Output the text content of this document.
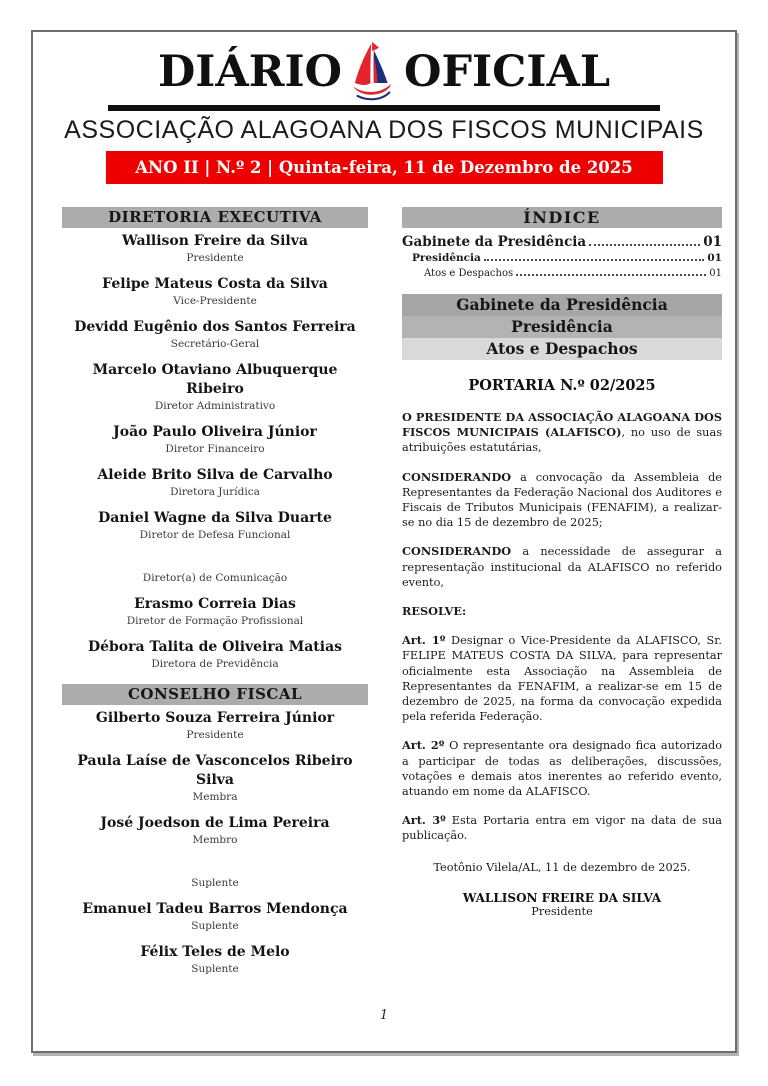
DIÁRIO OFICIAL
ASSOCIAÇÃO ALAGOANA DOS FISCOS MUNICIPAIS
ANO II | N.º 2 | Quinta-feira, 11 de Dezembro de 2025
DIRETORIA EXECUTIVA
Wallison Freire da Silva
Presidente
Felipe Mateus Costa da Silva
Vice-Presidente
Devidd Eugênio dos Santos Ferreira
Secretário-Geral
Marcelo Otaviano Albuquerque Ribeiro
Diretor Administrativo
João Paulo Oliveira Júnior
Diretor Financeiro
Aleide Brito Silva de Carvalho
Diretora Jurídica
Daniel Wagne da Silva Duarte
Diretor de Defesa Funcional
Diretor(a) de Comunicação
Erasmo Correia Dias
Diretor de Formação Profissional
Débora Talita de Oliveira Matias
Diretora de Previdência
CONSELHO FISCAL
Gilberto Souza Ferreira Júnior
Presidente
Paula Laíse de Vasconcelos Ribeiro Silva
Membra
José Joedson de Lima Pereira
Membro
Suplente
Emanuel Tadeu Barros Mendonça
Suplente
Félix Teles de Melo
Suplente
ÍNDICE
Gabinete da Presidência	01
Presidência	01
Atos e Despachos	01
Gabinete da Presidência
Presidência
Atos e Despachos
PORTARIA N.º 02/2025

O PRESIDENTE DA ASSOCIAÇÃO ALAGOANA DOS FISCOS MUNICIPAIS (ALAFISCO), no uso de suas atribuições estatutárias,

CONSIDERANDO a convocação da Assembleia de Representantes da Federação Nacional dos Auditores e Fiscais de Tributos Municipais (FENAFIM), a realizar-se no dia 15 de dezembro de 2025;

CONSIDERANDO a necessidade de assegurar a representação institucional da ALAFISCO no referido evento,

RESOLVE:

Art. 1º Designar o Vice-Presidente da ALAFISCO, Sr. FELIPE MATEUS COSTA DA SILVA, para representar oficialmente esta Associação na Assembleia de Representantes da FENAFIM, a realizar-se em 15 de dezembro de 2025, na forma da convocação expedida pela referida Federação.

Art. 2º O representante ora designado fica autorizado a participar de todas as deliberações, discussões, votações e demais atos inerentes ao referido evento, atuando em nome da ALAFISCO.

Art. 3º Esta Portaria entra em vigor na data de sua publicação.

Teotônio Vilela/AL, 11 de dezembro de 2025.
WALLISON FREIRE DA SILVA
Presidente
1
